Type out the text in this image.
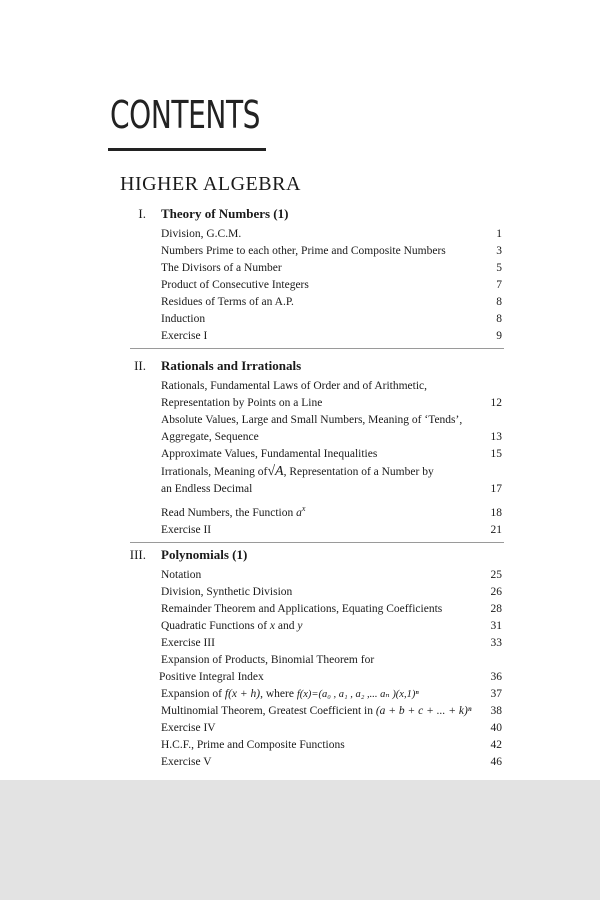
CONTENTS
HIGHER ALGEBRA
I. Theory of Numbers (1)
Division, G.C.M.	1
Numbers Prime to each other, Prime and Composite Numbers	3
The Divisors of a Number	5
Product of Consecutive Integers	7
Residues of Terms of an A.P.	8
Induction	8
Exercise I	9
II. Rationals and Irrationals
Rationals, Fundamental Laws of Order and of Arithmetic,
Representation by Points on a Line	12
Absolute Values, Large and Small Numbers, Meaning of ‘Tends’,
Aggregate, Sequence	13
Approximate Values, Fundamental Inequalities	15
Irrationals, Meaning of√A, Representation of a Number by
an Endless Decimal	17
Read Numbers, the Function $a^x$	18
Exercise II	21
III. Polynomials (1)
Notation	25
Division, Synthetic Division	26
Remainder Theorem and Applications, Equating Coefficients	28
Quadratic Functions of x and y	31
Exercise III	33
Expansion of Products, Binomial Theorem for
Positive Integral Index	36
Expansion of f(x + h), where f(x)=(a₀ , a₁ , a₂ ,... aₙ )(x,1)ⁿ	37
Multinomial Theorem, Greatest Coefficient in (a + b + c + ... + k)ⁿ 38
Exercise IV	40
H.C.F., Prime and Composite Functions	42
Exercise V	46
